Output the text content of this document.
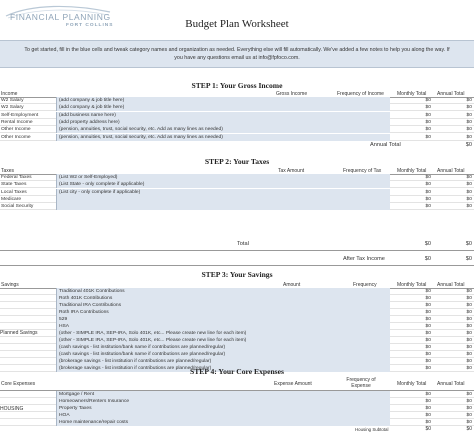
FINANCIAL PLANNING
FORT COLLINS	Budget Plan Worksheet
To get started, fill in the blue cells and tweak category names and organization as needed. Everything else will fill automatically. We've added a few notes to help you along the way. If
you have any questions email us at info@fpfoco.com.
STEP 1: Your Gross Income
Income	Gross Income	Frequency of Income	Monthly Total Annual Total
W2 Salary	(add company & job title here)	$0	$0
W2 Salary	(add company & job title here)	$0	$0
Self-Employment	(add business name here)	$0	$0
Rental Income	(add property address here)	$0	$0
Other Income	(pension, annuities, trust, social security, etc. Add as many lines as needed)	$0	$0
Other Income	(pension, annuities, trust, social security, etc. Add as many lines as needed)	$0	$0
Annual Total	$0
STEP 2: Your Taxes
Taxes	Tax Amount	Frequency of Tax	Monthly Total Annual Total
Federal Taxes	(List W2 or Self-Employed)	$0	$0
State Taxes	(List State - only complete if applicable)	$0	$0
Local Taxes	(List city - only complete if applicable)	$0	$0
Medicare	$0	$0
Social Security	$0	$0
Total	$0	$0
After Tax Income	$0	$0
STEP 3: Your Savings
Savings	Amount	Frequency	Monthly Total Annual Total
Planned Savings
Traditional 401K Contributions	$0	$0
Roth 401K Contributions	$0	$0
Traditional IRA Contributions	$0	$0
Roth IRA Contributions	$0	$0
529	$0	$0
HSA	$0	$0
(other - SIMPLE IRA, SEP-IRA, Solo 401K, etc... Please create new line for each item)	$0	$0
(other - SIMPLE IRA, SEP-IRA, Solo 401K, etc... Please create new line for each item)	$0	$0
(cash savings - list institution/bank name if contributions are planned/regular)	$0	$0
(cash savings - list institution/bank name if contributions are planned/regular)	$0	$0
(brokerage savings - list institution if contributions are planned/regular)	$0	$0
(brokerage savings - list institution if contributions are planned/regular)	$0	$0
STEP 4: Your Core Expenses
Core Expenses	Expense Amount
Frequency of Expense	Monthly Total Annual Total
HOUSING
Mortgage / Rent	$0	$0
Homeowners/Renters Insurance	$0	$0
Property Taxes	$0	$0
HOA	$0	$0
Home maintenance/repair costs	$0	$0
Housing Subtotal	$0	$0
